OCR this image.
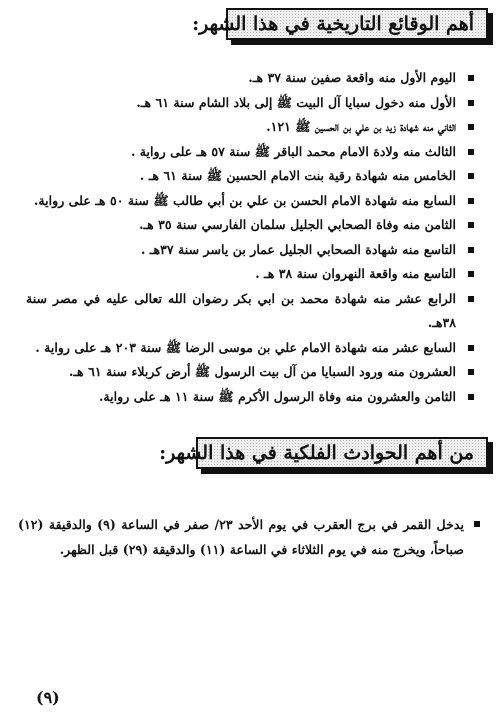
أهم الوقائع التاريخية في هذا الشهر:
اليوم الأول منه واقعة صفين سنة ٣٧ هـ.
الأول منه دخول سبايا آل البيت ﷺ إلى بلاد الشام سنة ٦١ هـ.
الثاني منه شهادة زيد بن علي بن الحسين ﷺ ١٢١.
الثالث منه ولادة الامام محمد الباقر ﷺ سنة ٥٧ هـ على رواية .
الخامس منه شهادة رقية بنت الامام الحسين ﷺ سنة ٦١ هـ .
السابع منه شهادة الامام الحسن بن علي بن أبي طالب ﷺ سنة ٥٠ هـ على رواية.
الثامن منه وفاة الصحابي الجليل سلمان الفارسي سنة ٣٥ هـ.
التاسع منه شهادة الصحابي الجليل عمار بن ياسر سنة ٣٧هـ .
التاسع منه واقعة النهروان سنة ٣٨ هـ .
الرابع عشر منه شهادة محمد بن ابي بكر رضوان الله تعالى عليه في مصر سنة ٣٨هـ.
السابع عشر منه شهادة الامام علي بن موسى الرضا ﷺ سنة ٢٠٣ هـ على رواية .
العشرون منه ورود السبايا من آل بيت الرسول ﷺ أرض كربلاء سنة ٦١ هـ.
الثامن والعشرون منه وفاة الرسول الأكرم ﷺ سنة ١١ هـ على رواية.
من أهم الحوادث الفلكية في هذا الشهر:
يدخل القمر في برج العقرب في يوم الأحد ٢٣/ صفر في الساعة (٩) والدقيقة (١٢) صباحاً، ويخرج منه في يوم الثلاثاء في الساعة (١١) والدقيقة (٢٩) قبل الظهر.
(٩)
